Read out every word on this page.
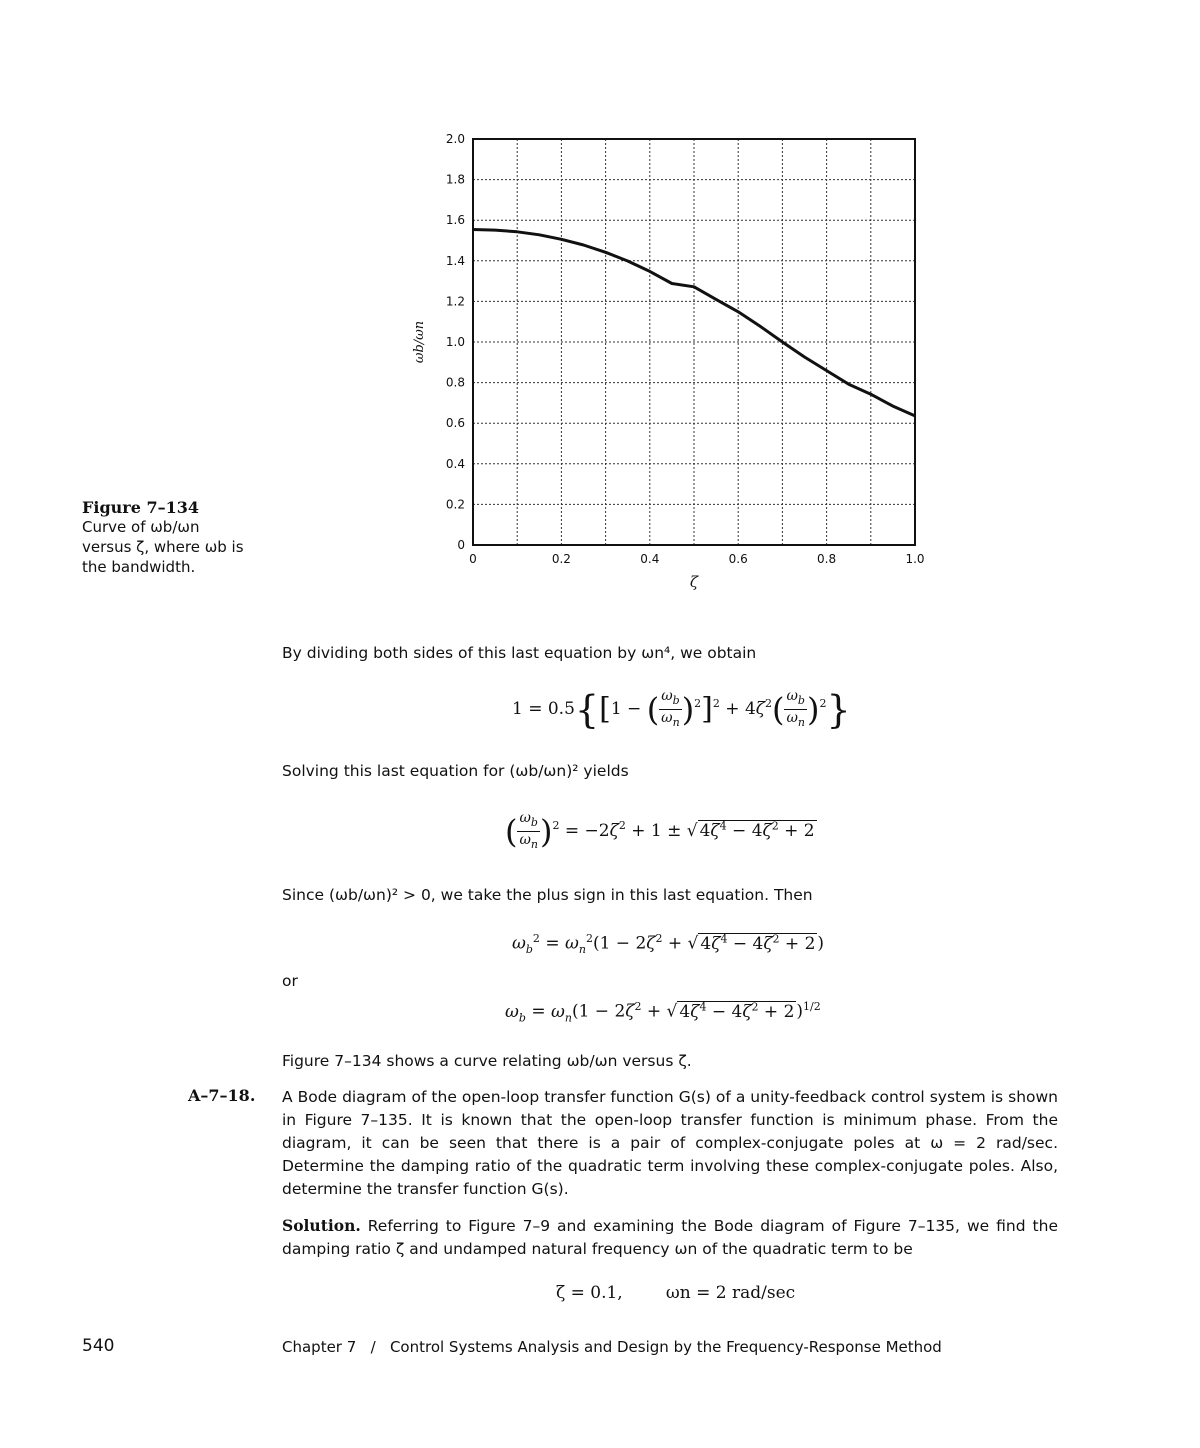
Figure 7–134
Curve of ωb/ωn
versus ζ, where ωb is
the bandwidth.
0
0.2
0.4
0.6
0.8
1.0
1.2
1.4
1.6
1.8
2.0
0	0.2	0.4	0.6	0.8	1.0
ζ
ωb/ωn
By dividing both sides of this last equation by ωn⁴, we obtain
1 = 0.5{[1 − ( $\frac{\omega_b}{\omega_n} )^2]^2 + 4\zeta^2( \frac{\omega_b}{\omega_n} )^2$}
Solving this last equation for (ωb/ωn)² yields
( $\frac{\omega_b}{\omega_n} )^2 = -2\zeta^2 + 1$ ± √ $4\zeta^4 - 4\zeta^2 + 2$
Since (ωb/ωn)² > 0, we take the plus sign in this last equation. Then
$\omega_b^2 = \omega_n^2(1 - 2\zeta^2$ + √ $4\zeta^4 - 4\zeta^2 + 2$ )
or
$\omega_b = \omega_n(1 - 2\zeta^2$ + √ $4\zeta^4 - 4\zeta^2 + 2$ )$^{1/2}$
Figure 7–134 shows a curve relating ωb/ωn versus ζ.
A–7–18. A Bode diagram of the open-loop transfer function G(s) of a unity-feedback control system is shown in Figure 7–135. It is known that the open-loop transfer function is minimum phase. From the diagram, it can be seen that there is a pair of complex-conjugate poles at ω = 2 rad/sec. Determine the damping ratio of the quadratic term involving these complex-conjugate poles. Also, determine the transfer function G(s).
Solution. Referring to Figure 7–9 and examining the Bode diagram of Figure 7–135, we find the damping ratio ζ and undamped natural frequency ωn of the quadratic term to be
ζ = 0.1,        ωn = 2 rad/sec
540	Chapter 7   /   Control Systems Analysis and Design by the Frequency-Response Method
